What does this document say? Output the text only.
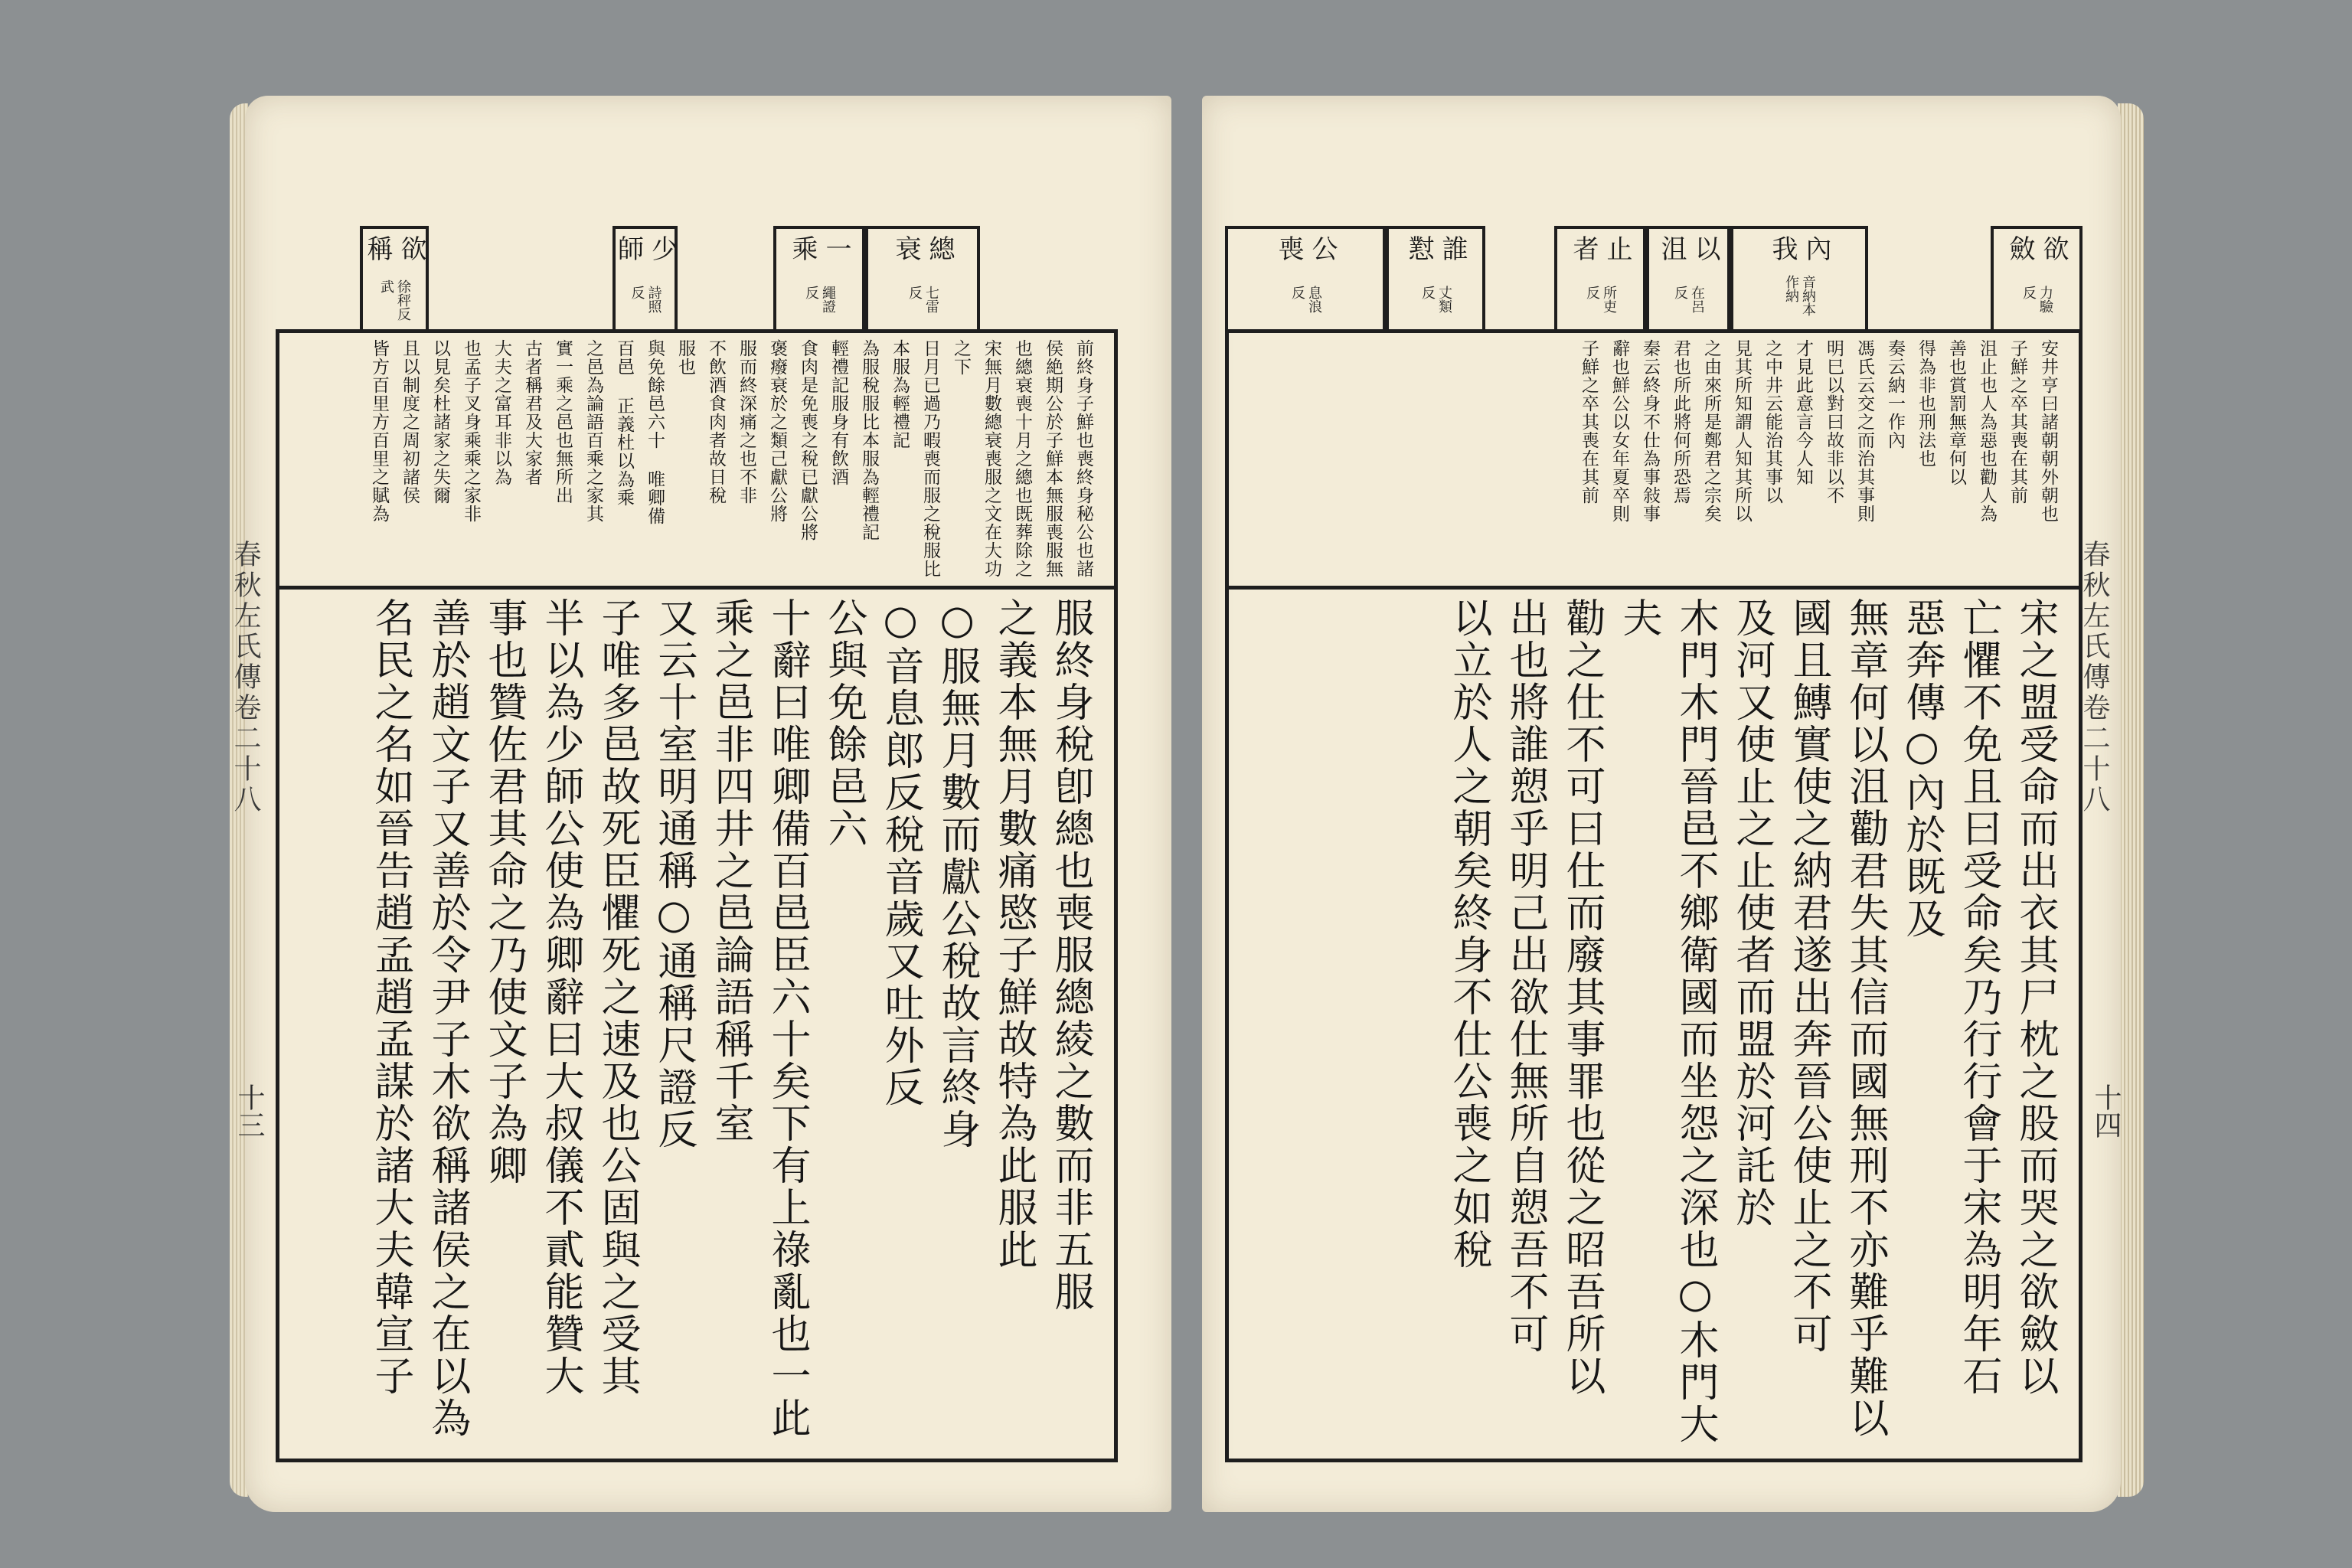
欲稱
徐秤反武
少師
詩照反
一乘
繩證反
總衰
七雷反
前終身子鮮也喪終身秘公也諸侯絶期公於子鮮本無服喪服無
也總衰喪十月之總也既葬除之宋無月數總衰喪服之文在大功之下
日月已過乃暇喪而服之稅服比本服為輕禮記
為服稅服比本服為輕禮記
輕禮記服身有飲酒
食肉是免喪之稅已獻公將
褒癈衰於之類己獻公將
服而終深痛之也不非
不飲酒食肉者故日稅
服也
與免餘邑六十 唯卿備
百邑 正義杜以為乘
之邑為論語百乘之家其
實一乘之邑也無所出
古者稱君及大家者
大夫之富耳非以為
也孟子叉身乘乘之家非
以見矣杜諸家之失爾
且以制度之周初諸侯
皆方百里方百里之賦為
服終身稅卽總也喪服總綾之數而非五服
之義本無月數痛愍子鮮故特為此服此
○服無月數而獻公稅故言終身
○音息郎反稅音歲又吐外反
公與免餘邑六
十辭曰唯卿備百邑臣六十矣下有上祿亂也一此
乘之邑非四井之邑論語稱千室
又云十室明通稱○通稱尺證反
子唯多邑故死臣懼死之速及也公固與之受其
半以為少師公使為卿辭曰大叔儀不貳能贊大
事也贊佐君其命之乃使文子為卿
善於趙文子又善於令尹子木欲稱諸侯之在以為
名民之名如晉告趙孟趙孟謀於諸大夫韓宣子
春秋左氏傳卷二十八
十三
公喪
息浪反
誰懟
丈類反
止者
所吏反
以沮
在呂反
內我
音納本作納
欲斂
力驗反
安井亨曰諸朝朝外朝也
子鮮之卒其喪在其前
沮止也人為惡也勸人為
善也賞罰無章何以
得為非也刑法也
奏云納一作內
馮氏云交之而治其事則
明巳以對曰故非以不
才見此意言今人知
之中井云能治其事以
見其所知謂人知其所以
之由來所是鄭君之宗矣
君也所此將何所恐焉
秦云終身不仕為事敍事
辭也鮮公以女年夏卒則
子鮮之卒其喪在其前
宋之盟受命而出衣其尸枕之股而哭之欲斂以
亡懼不免且曰受命矣乃行行會于宋為明年石
惡奔傳○內於既及
無章何以沮勸君失其信而國無刑不亦難乎難以
國且鱄實使之納君遂出奔晉公使止之不可
及河又使止之止使者而盟於河託於
木門木門晉邑不鄉衛國而坐怨之深也○木門大夫
勸之仕不可曰仕而廢其事罪也從之昭吾所以
出也將誰愬乎明己出欲仕無所自愬吾不可
以立於人之朝矣終身不仕公喪之如稅	春秋左氏傳卷二十八
十四
